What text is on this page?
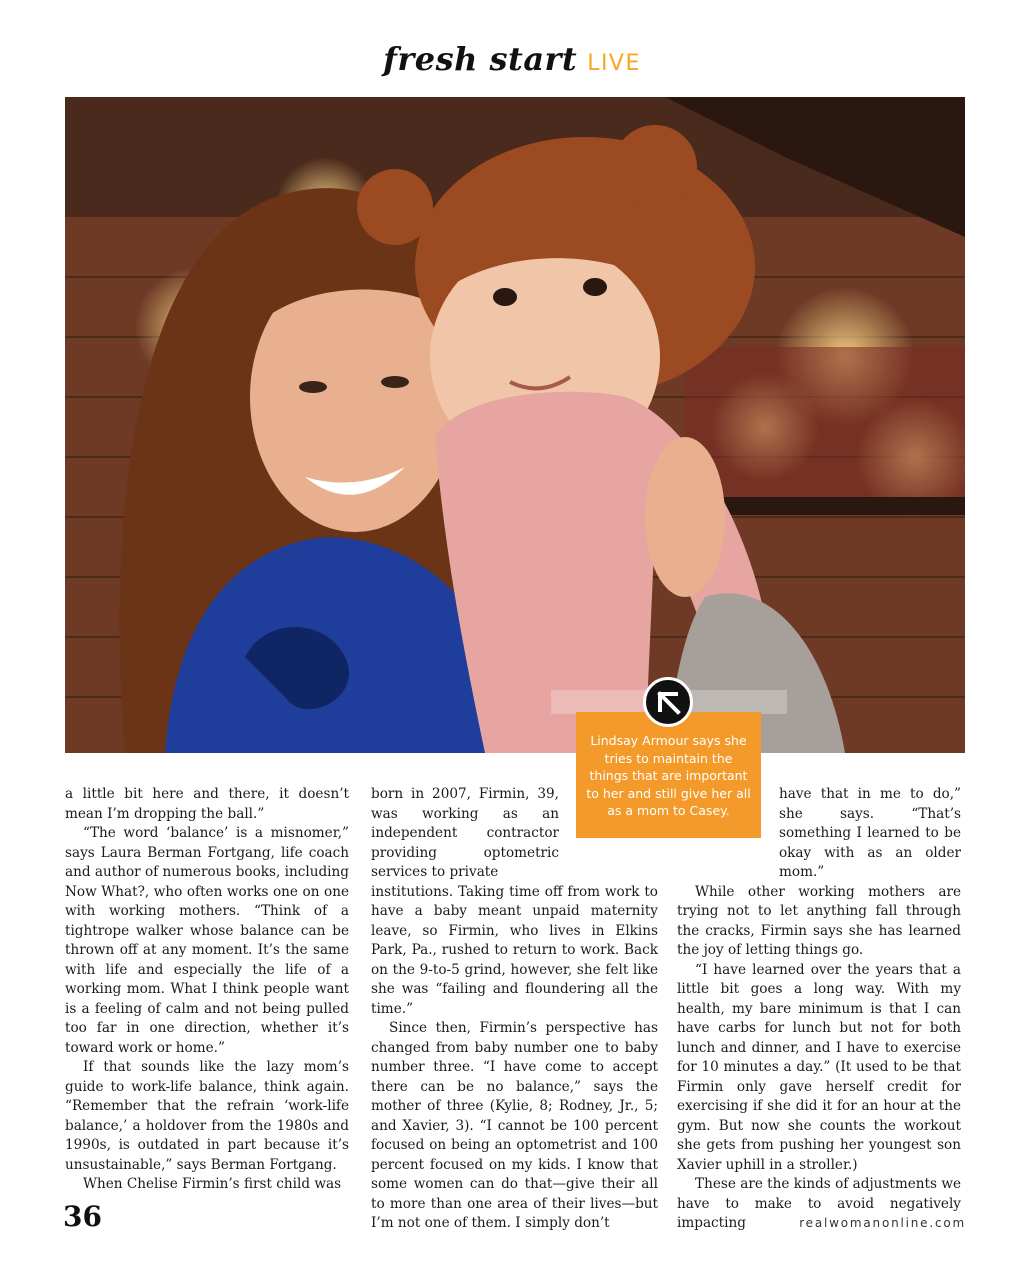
fresh start LIVE
Lindsay Armour says she tries to maintain the things that are important to her and still give her all as a mom to Casey.

a little bit here and there, it doesn’t mean I’m dropping the ball.”

“The word ‘balance’ is a misnomer,” says Laura Berman Fortgang, life coach and author of numerous books, including Now What?, who often works one on one with working mothers. “Think of a tightrope walker whose balance can be thrown off at any moment. It’s the same with life and especially the life of a working mom. What I think people want is a feeling of calm and not being pulled too far in one direction, whether it’s toward work or home.”

If that sounds like the lazy mom’s guide to work-life balance, think again. “Remember that the refrain ‘work-life balance,’ a holdover from the 1980s and 1990s, is outdated in part because it’s unsustainable,” says Berman Fortgang.

When Chelise Firmin’s first child was

born in 2007, Firmin, 39, was working as an independent contractor providing optometric services to private

institutions. Taking time off from work to have a baby meant unpaid maternity leave, so Firmin, who lives in Elkins Park, Pa., rushed to return to work. Back on the 9-to-5 grind, however, she felt like she was “failing and floundering all the time.”

Since then, Firmin’s perspective has changed from baby number one to baby number three. “I have come to accept there can be no balance,” says the mother of three (Kylie, 8; Rodney, Jr., 5; and Xavier, 3). “I cannot be 100 percent focused on being an optometrist and 100 percent focused on my kids. I know that some women can do that—give their all to more than one area of their lives—but I’m not one of them. I simply don’t

have that in me to do,” she says. “That’s something I learned to be okay with as an older mom.”

While other working mothers are trying not to let anything fall through the cracks, Firmin says she has learned the joy of letting things go.

“I have learned over the years that a little bit goes a long way. With my health, my bare minimum is that I can have carbs for lunch but not for both lunch and dinner, and I have to exercise for 10 minutes a day.” (It used to be that Firmin only gave herself credit for exercising if she did it for an hour at the gym. But now she counts the workout she gets from pushing her youngest son Xavier uphill in a stroller.)

These are the kinds of adjustments we have to make to avoid negatively impacting

36	realwomanonline.com
